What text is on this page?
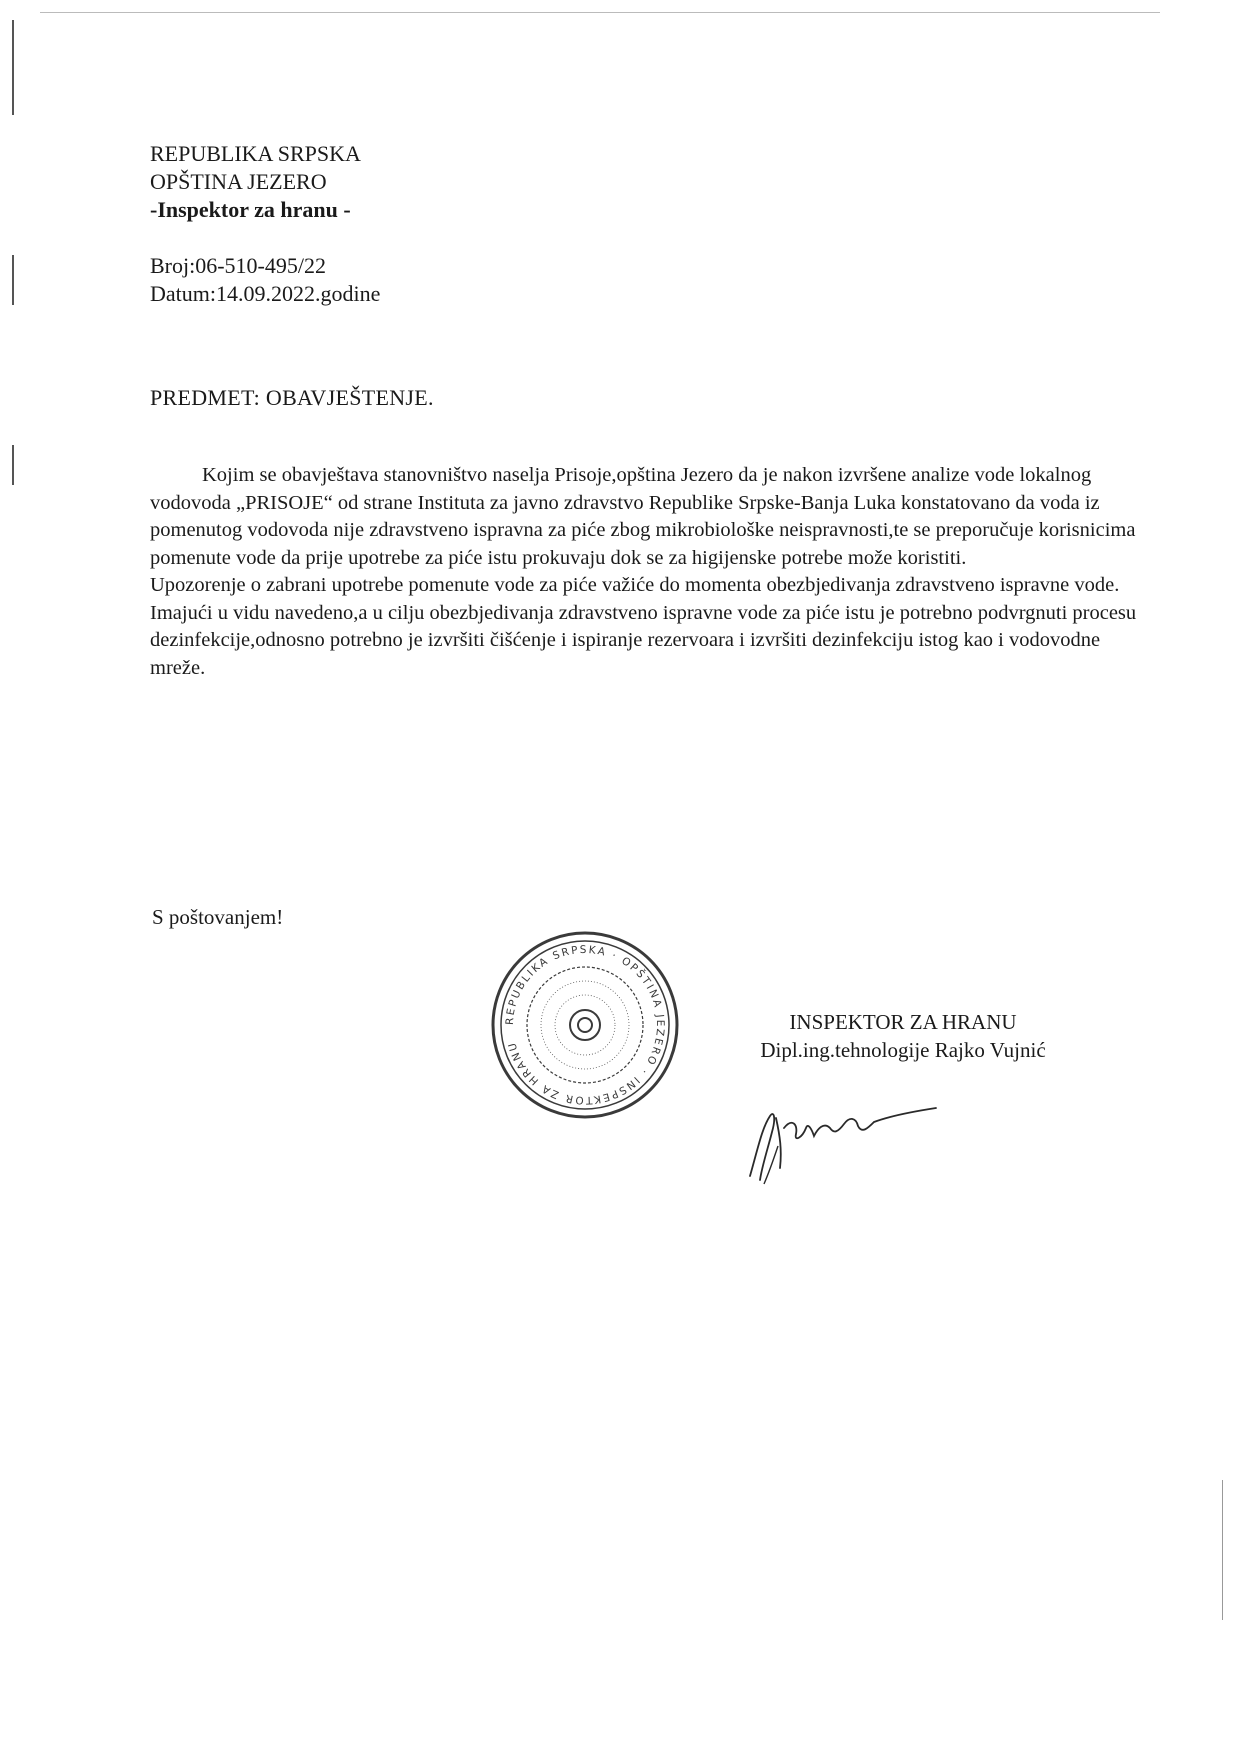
REPUBLIKA SRPSKA
OPŠTINA JEZERO
-Inspektor za hranu -
Broj:06-510-495/22
Datum:14.09.2022.godine
PREDMET: OBAVJEŠTENJE.

Kojim se obavještava stanovništvo naselja Prisoje,opština Jezero da je nakon izvršene analize vode lokalnog vodovoda „PRISOJE“ od strane Instituta za javno zdravstvo Republike Srpske-Banja Luka konstatovano da voda iz pomenutog vodovoda nije zdravstveno ispravna za piće zbog mikrobiološke neispravnosti,te se preporučuje korisnicima pomenute vode da prije upotrebe za piće istu prokuvaju dok se za higijenske potrebe može koristiti.

Upozorenje o zabrani upotrebe pomenute vode za piće važiće do momenta obezbjedivanja zdravstveno ispravne vode.

Imajući u vidu navedeno,a u cilju obezbjedivanja zdravstveno ispravne vode za piće istu je potrebno podvrgnuti procesu dezinfekcije,odnosno potrebno je izvršiti čišćenje i ispiranje rezervoara i izvršiti dezinfekciju istog kao i vodovodne mreže.

S poštovanjem!
REPUBLIKA SRPSKA · OPŠTINA JEZERO · INSPEKTOR ZA HRANU
INSPEKTOR ZA HRANU
Dipl.ing.tehnologije Rajko Vujnić
